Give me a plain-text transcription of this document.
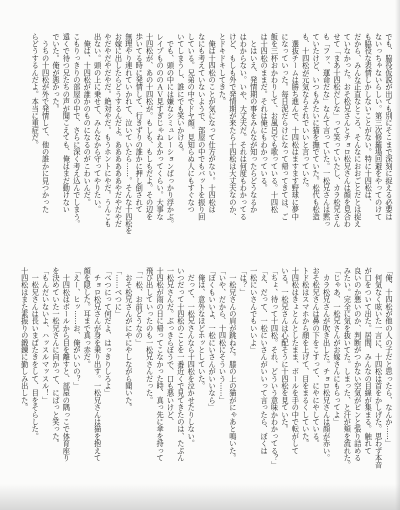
でも、脇役仮説が出ても別にそこまで深刻に捉える必要は
ないっちゃないらしい。第三次修羅場回避をやってのけて
も脇役な表情しかしないことがない。特に十四松は、
だから、みんな正直なところ、そんなにおおごとだとは捉え
ていなかった。おそ松兄さんとチョロ松兄さんは顔を見合わ
せて「まあ十四松だしな」って笑っていたし、カラ松兄さん
も「フッ、運命だな」なんて言っていた。一松兄さんは黙っ
ていたけど、いつもみたいに猫を撫でていた。松代も松造
も、十四松が元気ならそれでいいと言っていた。
　選抜チームは勝ち進んで、十四松はますます野球に夢中
になっていった。毎日泥だらけになって帰ってきては、ご
飯を三杯おかわりして、お風呂でも歌っている。十四松
は十四松のままだ。それは俺にもわかっている。
　とはいえ、発情期の事をみんなが知ったらどうなるか
はわからない。いや、大丈夫だ。それは何度もわかってる
けど、もしも外で発情期が来たら十四松は大丈夫なのか、
とドキドキしてきた。
　俺は十四松のことが気になって仕方がない。十四松は
なにも考えていないようで、部屋の中でもバットを振り回
している。兄弟の中でドヤ顔。見知らぬ人にもすぐなつ
いてしまうし、誰にでも笑いかける。
　でも、頭の中には嫌なシミュレーションばっかり浮かぶ。
レイプものののＡＶ見すぎじゃねえかってくらい。大事な
十四松が、あの十四松が。もしも、もしもだよ。その辺を
歩いてる時に発情して、行きずりの誰かに押し倒されて
無理やり連れていかれて、泣いていたら……。そんな十四松を
お嫁に出したらどうするんだよ。ああああああやだやだやだ
やだやだやだやだ。絶対やだ。もうホントにやだ。うんこも
出ない。頭の上に乗せて、みんなから守ってやりたい。
　俺は、十四松が誰かのものになるのがこわいんだ。
こもりっきりの部屋の中で、さらに深く考え込んでしまう。
遠くで待つ兄たちの声が聞こえても、俺はまだ動けない
でいた。俺が悪かった。
　うちの十四松が外で発情して、他の誰かに見つかった
らどうするんだよ。本当に重症だ。
「俺、十四松が他の人の子だと思ったら、なんか……」
　何気なく呟いた一言に、十四松は首をかしげた。思わず本音
が口をついて出た。居間、みんなの目線が集まる。触れて
良いのか悪いのか、判断がつかない空気がピンと張り詰める
みたい。完全に気を抜いてた。しまった、と汗が頬を流れた。
「じゃあ、一松兄さんがお嫁さんにもらってよ」
　カラ松兄さんが吹き出した。チョロ松兄さんは顔が赤い。
おそ松兄さんは鼻の下をこすって、にやにやしている。
トド松はスマホから顔を上げて、目をまるくしていた。
十四松はきょとんとしたまま、ボールを手の中で転がして
いる。一松兄さんは心配そうに十四松を見ていた。
「ちょ、待って十四松。それ、どういう意味かわかってる？」
「え、だって、一松にいさんがいいって言ったら、ぼくは
一松にいさんでもいいよ」
「は？」
　一松兄さんの肩が跳ねた。膝の上の猫がにゃあと鳴いた。
「いや、だから、十四松にそういう……」
「ぼくもいいよ、一松にいさんがいいなら」
　俺は、意外なほどホッとしていた。
　だって、一松兄さんなら十四松を泣かせたりしない。
いつだって十四松のことを一番近くで見てきたのは、たぶん
一松兄さんだ。ぶっきらぼうで、口も悪いけど、
十四松が雨の日に帰ってこなかった時、真っ先に傘を持って
飛び出していったのも一松兄さんだった。
「一松、お前どうなの」
　おそ松兄さんがにやにやしながら聞いた。
「……べつに」
「べつにって何だよ、はっきりしろよ」
　チョロ松兄さんが身を乗り出す。一松兄さんは猫を抱えて
顔を隠した。耳まで真っ赤だ。
「えー、ヒッ……お、俺がいいの？」
　十四松はボールから目を離すと、部屋の隅っこで体育座り
を決めていた一松兄さんに向かって、にぱっと笑った。
「もんだいないよ、ハッスルマッスル！」
　一松兄さんは長いまばたきをして、目をそらした。
十四松はまた素振りの鍛錬に勤しみ出した。
